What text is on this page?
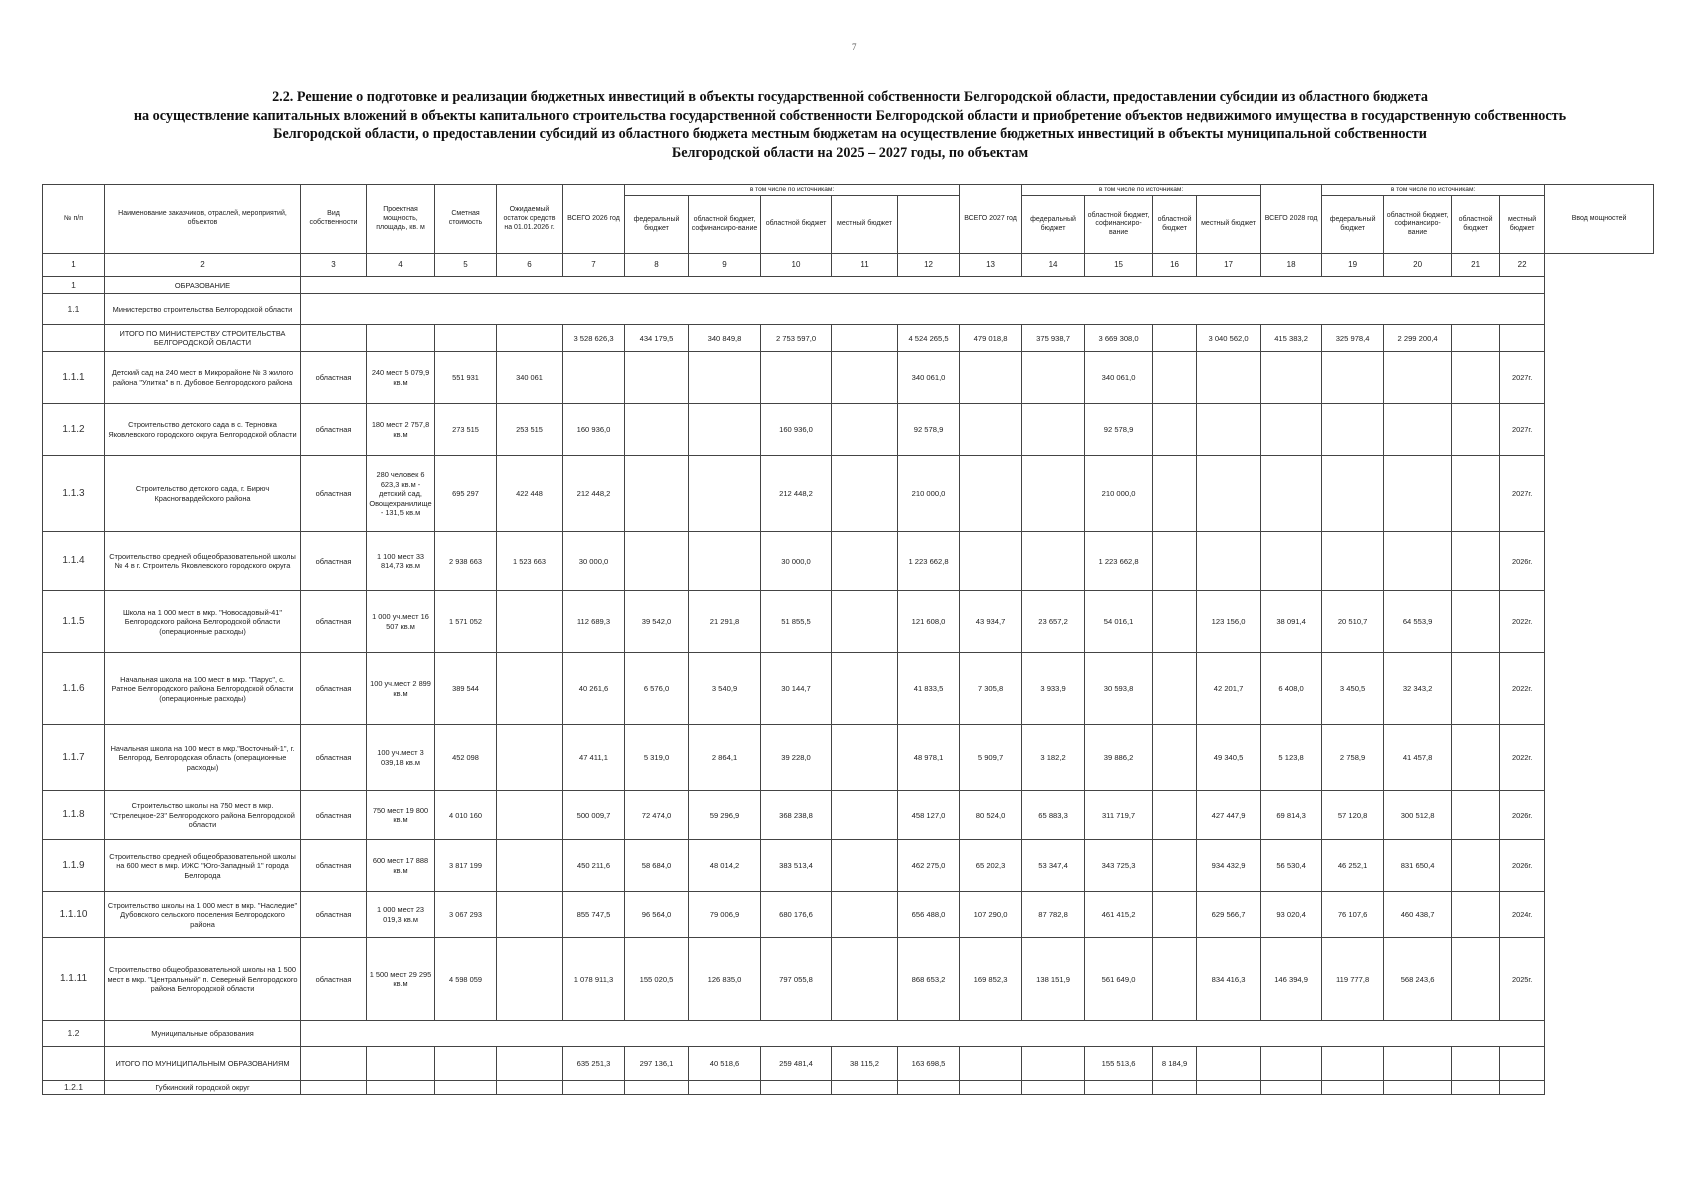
7
2.2. Решение о подготовке и реализации бюджетных инвестиций в объекты государственной собственности Белгородской области, предоставлении субсидии из областного бюджета
на осуществление капитальных вложений в объекты капитального строительства государственной собственности Белгородской области и приобретение объектов недвижимого имущества в государственную собственность
Белгородской области, о предоставлении субсидий из областного бюджета местным бюджетам на осуществление бюджетных инвестиций в объекты муниципальной собственности
Белгородской области на 2025 – 2027 годы, по объектам
№ п/п	Наименование заказчиков, отраслей, мероприятий, объектов	Вид собственности	Проектная мощность, площадь, кв. м	Сметная стоимость	Ожидаемый остаток средств на 01.01.2026 г.	ВСЕГО 2026 год	в том числе по источникам:					ВСЕГО 2027 год	в том числе по источникам:				ВСЕГО 2028 год	в том числе по источникам:				Ввод мощностей
							федеральный бюджет	областной бюджет, софинансиро-вание	областной бюджет	местный бюджет			федеральный бюджет	областной бюджет, софинансиро-вание	областной бюджет	местный бюджет		федеральный бюджет	областной бюджет, софинансиро-вание	областной бюджет	местный бюджет	
1	2	3	4	5	6	7	8	9	10	11	12	13	14	15	16	17	18	19	20	21	22	
1	ОБРАЗОВАНИЕ																					
1.1	Министерство строительства Белгородской области																					
	ИТОГО ПО МИНИСТЕРСТВУ СТРОИТЕЛЬСТВА БЕЛГОРОДСКОЙ ОБЛАСТИ					3 528 626,3	434 179,5	340 849,8	2 753 597,0		4 524 265,5	479 018,8	375 938,7	3 669 308,0		3 040 562,0	415 383,2	325 978,4	2 299 200,4			
1.1.1	Детский сад на 240 мест в Микрорайоне № 3 жилого района "Улитка" в п. Дубовое Белгородского района	областная	240 мест 5 079,9 кв.м	551 931	340 061						340 061,0			340 061,0							2027г.	
1.1.2	Строительство детского сада в с. Терновка Яковлевского городского округа Белгородской области	областная	180 мест 2 757,8 кв.м	273 515	253 515	160 936,0			160 936,0		92 578,9			92 578,9							2027г.	
1.1.3	Строительство детского сада, г. Бирюч Красногвардейского района	областная	280 человек 6 623,3 кв.м - детский сад, Овощехранилище - 131,5 кв.м	695 297	422 448	212 448,2			212 448,2		210 000,0			210 000,0							2027г.	
1.1.4	Строительство средней общеобразовательной школы № 4 в г. Строитель Яковлевского городского округа	областная	1 100 мест 33 814,73 кв.м	2 938 663	1 523 663	30 000,0			30 000,0		1 223 662,8			1 223 662,8							2026г.	
1.1.5	Школа на 1 000 мест в мкр. "Новосадовый-41" Белгородского района Белгородской области (операционные расходы)	областная	1 000 уч.мест 16 507 кв.м	1 571 052		112 689,3	39 542,0	21 291,8	51 855,5		121 608,0	43 934,7	23 657,2	54 016,1		123 156,0	38 091,4	20 510,7	64 553,9		2022г.	
1.1.6	Начальная школа на 100 мест в мкр. "Парус", с. Ратное Белгородского района Белгородской области (операционные расходы)	областная	100 уч.мест 2 899 кв.м	389 544		40 261,6	6 576,0	3 540,9	30 144,7		41 833,5	7 305,8	3 933,9	30 593,8		42 201,7	6 408,0	3 450,5	32 343,2		2022г.	
1.1.7	Начальная школа на 100 мест в мкр."Восточный-1", г. Белгород, Белгородская область (операционные расходы)	областная	100 уч.мест 3 039,18 кв.м	452 098		47 411,1	5 319,0	2 864,1	39 228,0		48 978,1	5 909,7	3 182,2	39 886,2		49 340,5	5 123,8	2 758,9	41 457,8		2022г.	
1.1.8	Строительство школы на 750 мест в мкр. "Стрелецкое-23" Белгородского района Белгородской области	областная	750 мест 19 800 кв.м	4 010 160		500 009,7	72 474,0	59 296,9	368 238,8		458 127,0	80 524,0	65 883,3	311 719,7		427 447,9	69 814,3	57 120,8	300 512,8		2026г.	
1.1.9	Строительство средней общеобразовательной школы на 600 мест в мкр. ИЖС "Юго-Западный 1" города Белгорода	областная	600 мест 17 888 кв.м	3 817 199		450 211,6	58 684,0	48 014,2	383 513,4		462 275,0	65 202,3	53 347,4	343 725,3		934 432,9	56 530,4	46 252,1	831 650,4		2026г.	
1.1.10	Строительство школы на 1 000 мест в мкр. "Наследие" Дубовского сельского поселения Белгородского района	областная	1 000 мест 23 019,3 кв.м	3 067 293		855 747,5	96 564,0	79 006,9	680 176,6		656 488,0	107 290,0	87 782,8	461 415,2		629 566,7	93 020,4	76 107,6	460 438,7		2024г.	
1.1.11	Строительство общеобразовательной школы на 1 500 мест в мкр. "Центральный" п. Северный Белгородского района Белгородской области	областная	1 500 мест 29 295 кв.м	4 598 059		1 078 911,3	155 020,5	126 835,0	797 055,8		868 653,2	169 852,3	138 151,9	561 649,0		834 416,3	146 394,9	119 777,8	568 243,6		2025г.	
1.2	Муниципальные образования																					
	ИТОГО ПО МУНИЦИПАЛЬНЫМ ОБРАЗОВАНИЯМ					635 251,3	297 136,1	40 518,6	259 481,4	38 115,2	163 698,5			155 513,6	8 184,9							
1.2.1	Губкинский городской округ																					
